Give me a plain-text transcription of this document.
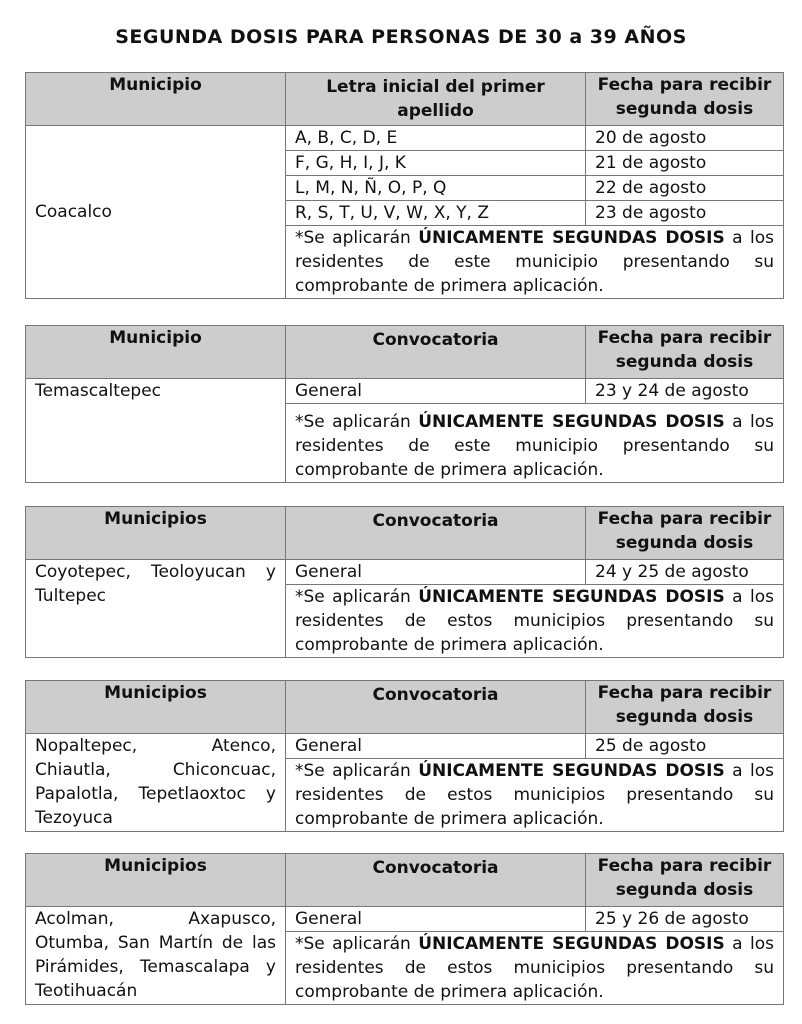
SEGUNDA DOSIS PARA PERSONAS DE 30 a 39 AÑOS
Municipio	Letra inicial del primer apellido	Fecha para recibir segunda dosis
Coacalco	A, B, C, D, E	20 de agosto
	F, G, H, I, J, K	21 de agosto
	L, M, N, Ñ, O, P, Q	22 de agosto
	R, S, T, U, V, W, X, Y, Z	23 de agosto
	*Se aplicarán ÚNICAMENTE SEGUNDAS DOSIS a los residentes de este municipio presentando su comprobante de primera aplicación.	
Municipio	Convocatoria	Fecha para recibir segunda dosis
Temascaltepec	General	23 y 24 de agosto
	*Se aplicarán ÚNICAMENTE SEGUNDAS DOSIS a los residentes de este municipio presentando su comprobante de primera aplicación.	
Municipios	Convocatoria	Fecha para recibir segunda dosis
Coyotepec, Teoloyucan y Tultepec	General	24 y 25 de agosto
	*Se aplicarán ÚNICAMENTE SEGUNDAS DOSIS a los residentes de estos municipios presentando su comprobante de primera aplicación.	
Municipios	Convocatoria	Fecha para recibir segunda dosis
Nopaltepec, Atenco, Chiautla, Chiconcuac, Papalotla, Tepetlaoxtoc y Tezoyuca	General	25 de agosto
	*Se aplicarán ÚNICAMENTE SEGUNDAS DOSIS a los residentes de estos municipios presentando su comprobante de primera aplicación.	
Municipios	Convocatoria	Fecha para recibir segunda dosis
Acolman, Axapusco, Otumba, San Martín de las Pirámides, Temascalapa y Teotihuacán	General	25 y 26 de agosto
	*Se aplicarán ÚNICAMENTE SEGUNDAS DOSIS a los residentes de estos municipios presentando su comprobante de primera aplicación.	
